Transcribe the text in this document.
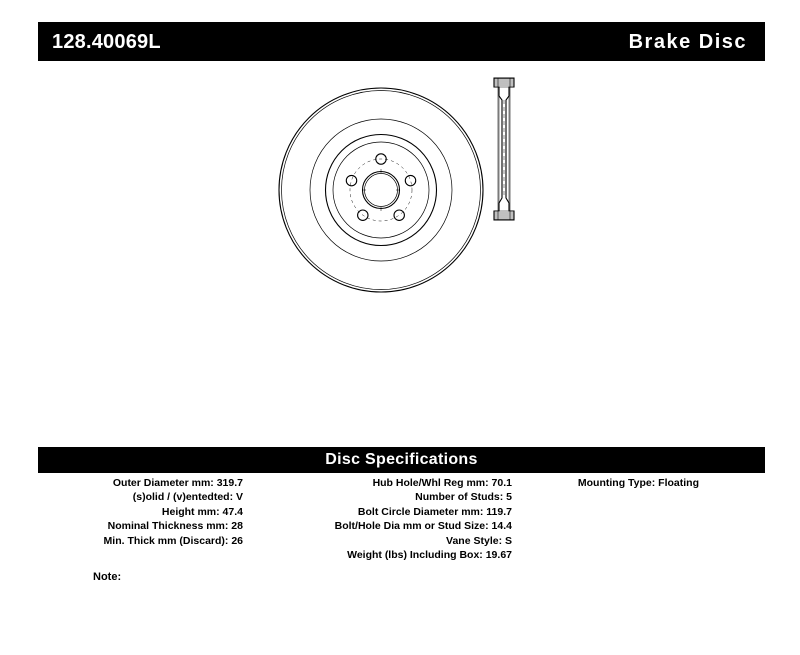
128.40069L	Brake Disc
Disc Specifications
Outer Diameter mm: 319.7
(s)olid / (v)entedted: V
Height mm: 47.4
Nominal Thickness mm: 28
Min. Thick mm (Discard): 26
Hub Hole/Whl Reg mm: 70.1
Number of Studs: 5
Bolt Circle Diameter mm: 119.7
Bolt/Hole Dia mm or Stud Size: 14.4
Vane Style: S
Weight (lbs) Including Box: 19.67
Mounting Type: Floating
Note:
